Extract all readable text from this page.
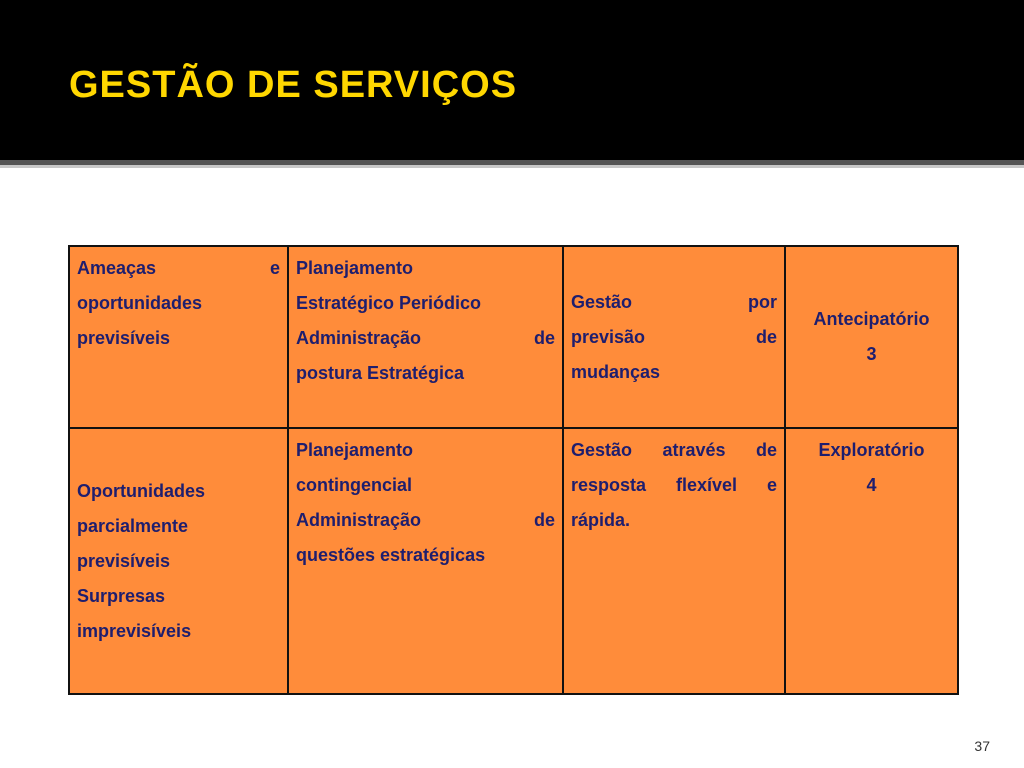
GESTÃO DE SERVIÇOS
Ameaças e
oportunidades
previsíveis	Planejamento
Estratégico Periódico
Administração de
postura Estratégica	Gestão por
previsão de
mudanças	Antecipatório
3

Oportunidades
parcialmente
previsíveis
Surpresas
imprevisíveis	Planejamento
contingencial
Administração de
questões estratégicas	Gestão através de
resposta flexível e
rápida.	Exploratório
4
37
